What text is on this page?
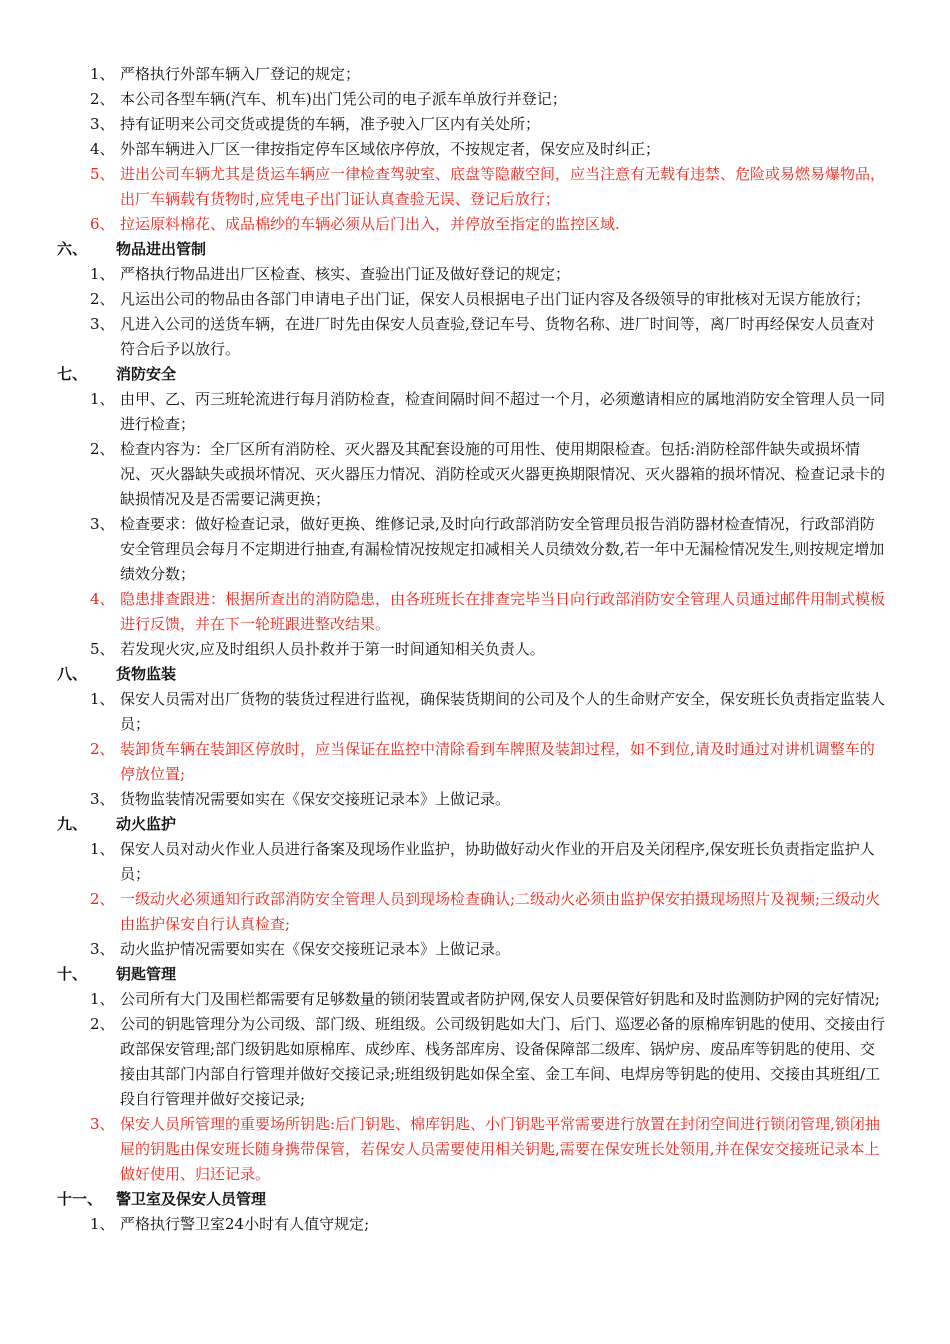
1、 严格执行外部车辆入厂登记的规定；
2、 本公司各型车辆(汽车、机车)出门凭公司的电子派车单放行并登记；
3、 持有证明来公司交货或提货的车辆，准予驶入厂区内有关处所；
4、 外部车辆进入厂区一律按指定停车区域依序停放，不按规定者，保安应及时纠正；
5、 进出公司车辆尤其是货运车辆应一律检查驾驶室、底盘等隐蔽空间，应当注意有无载有违禁、危险或易燃易爆物品，出厂车辆载有货物时,应凭电子出门证认真查验无误、登记后放行；
6、 拉运原料棉花、成品棉纱的车辆必须从后门出入，并停放至指定的监控区域.
六、 物品进出管制
1、 严格执行物品进出厂区检查、核实、查验出门证及做好登记的规定；
2、 凡运出公司的物品由各部门申请电子出门证，保安人员根据电子出门证内容及各级领导的审批核对无误方能放行；
3、 凡进入公司的送货车辆，在进厂时先由保安人员查验,登记车号、货物名称、进厂时间等，离厂时再经保安人员查对符合后予以放行。
七、 消防安全
1、 由甲、乙、丙三班轮流进行每月消防检查，检查间隔时间不超过一个月，必须邀请相应的属地消防安全管理人员一同进行检查；
2、 检查内容为：全厂区所有消防栓、灭火器及其配套设施的可用性、使用期限检查。包括:消防栓部件缺失或损坏情况、灭火器缺失或损坏情况、灭火器压力情况、消防栓或灭火器更换期限情况、灭火器箱的损坏情况、检查记录卡的缺损情况及是否需要记满更换；
3、 检查要求：做好检查记录，做好更换、维修记录,及时向行政部消防安全管理员报告消防器材检查情况，行政部消防安全管理员会每月不定期进行抽查,有漏检情况按规定扣减相关人员绩效分数,若一年中无漏检情况发生,则按规定增加绩效分数；
4、 隐患排查跟进：根据所查出的消防隐患，由各班班长在排查完毕当日向行政部消防安全管理人员通过邮件用制式模板进行反馈，并在下一轮班跟进整改结果。
5、 若发现火灾,应及时组织人员扑救并于第一时间通知相关负责人。
八、 货物监装
1、 保安人员需对出厂货物的装货过程进行监视，确保装货期间的公司及个人的生命财产安全，保安班长负责指定监装人员；
2、 装卸货车辆在装卸区停放时，应当保证在监控中清除看到车牌照及装卸过程，如不到位,请及时通过对讲机调整车的停放位置;
3、 货物监装情况需要如实在《保安交接班记录本》上做记录。
九、 动火监护
1、 保安人员对动火作业人员进行备案及现场作业监护，协助做好动火作业的开启及关闭程序,保安班长负责指定监护人员；
2、 一级动火必须通知行政部消防安全管理人员到现场检查确认;二级动火必须由监护保安拍摄现场照片及视频;三级动火由监护保安自行认真检查;
3、 动火监护情况需要如实在《保安交接班记录本》上做记录。
十、 钥匙管理
1、 公司所有大门及围栏都需要有足够数量的锁闭装置或者防护网,保安人员要保管好钥匙和及时监测防护网的完好情况;
2、 公司的钥匙管理分为公司级、部门级、班组级。公司级钥匙如大门、后门、巡逻必备的原棉库钥匙的使用、交接由行政部保安管理;部门级钥匙如原棉库、成纱库、栈务部库房、设备保障部二级库、锅炉房、废品库等钥匙的使用、交接由其部门内部自行管理并做好交接记录;班组级钥匙如保全室、金工车间、电焊房等钥匙的使用、交接由其班组/工段自行管理并做好交接记录;
3、 保安人员所管理的重要场所钥匙:后门钥匙、棉库钥匙、小门钥匙平常需要进行放置在封闭空间进行锁闭管理,锁闭抽屉的钥匙由保安班长随身携带保管，若保安人员需要使用相关钥匙,需要在保安班长处领用,并在保安交接班记录本上做好使用、归还记录。
十一、 警卫室及保安人员管理
1、 严格执行警卫室24小时有人值守规定;
